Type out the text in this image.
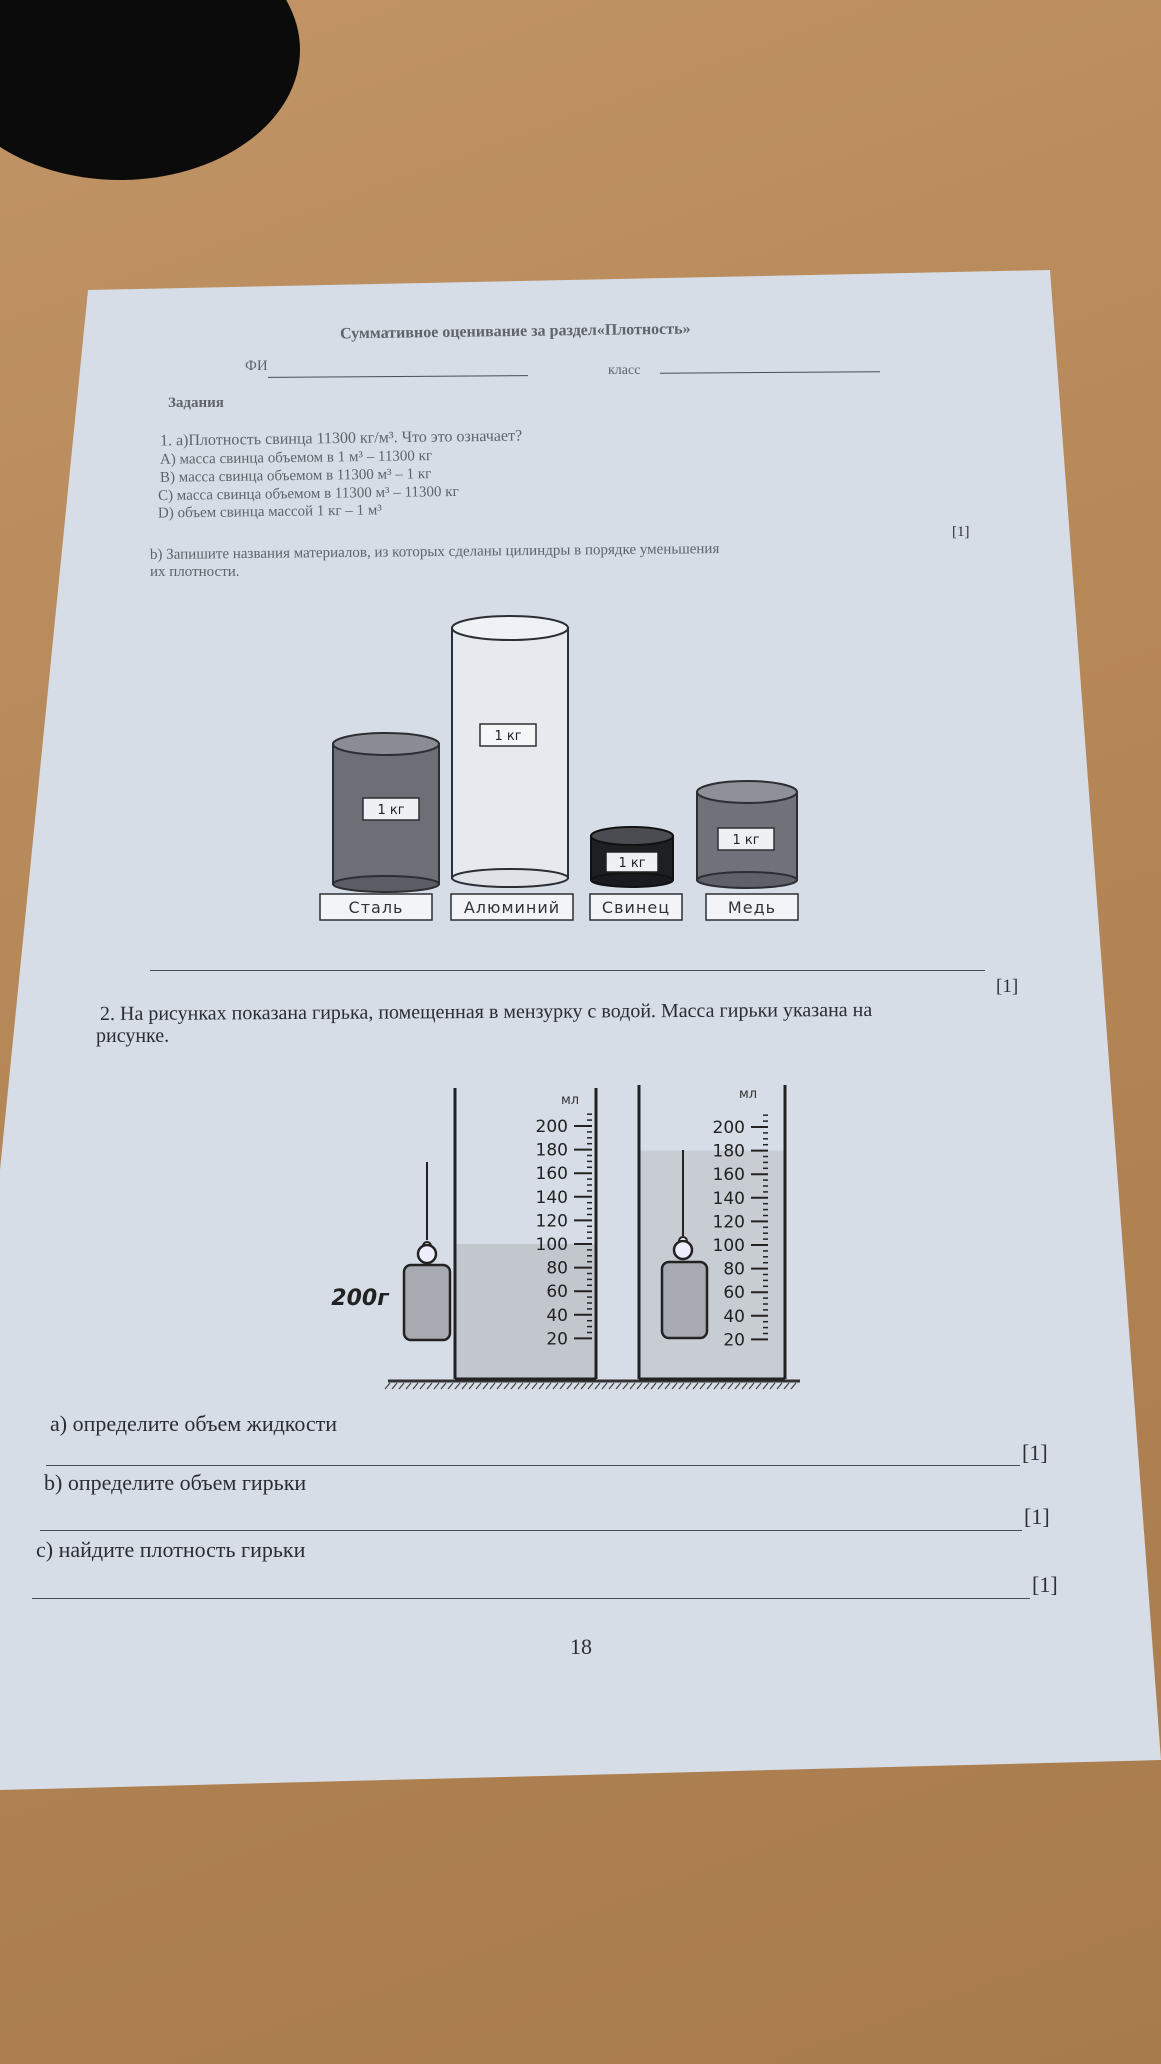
Суммативное оценивание за раздел«Плотность»
ФИ	класс
Задания
1. a)Плотность свинца 11300 кг/м³. Что это означает?
A) масса свинца объемом в 1 м³ – 11300 кг
B) масса свинца объемом в 11300 м³ – 1 кг
C) масса свинца объемом в 11300 м³ – 11300 кг
D) объем свинца массой 1 кг – 1 м³
[1]
b) Запишите названия материалов, из которых сделаны цилиндры в порядке уменьшения
их плотности.
1 кг
1 кг
1 кг
1 кг
Сталь	Алюминий	Свинец	Медь
[1]
2. На рисунках показана гирька, помещенная в мензурку с водой. Масса гирьки указана на
рисунке.
мл
200
180
160
140
120
100
80
60
40
20
200г
мл
200
180
160
140
120
100
80
60
40
20
a) определите объем жидкости
[1]
b) определите объем гирьки
[1]
c) найдите плотность гирьки
[1]
18
